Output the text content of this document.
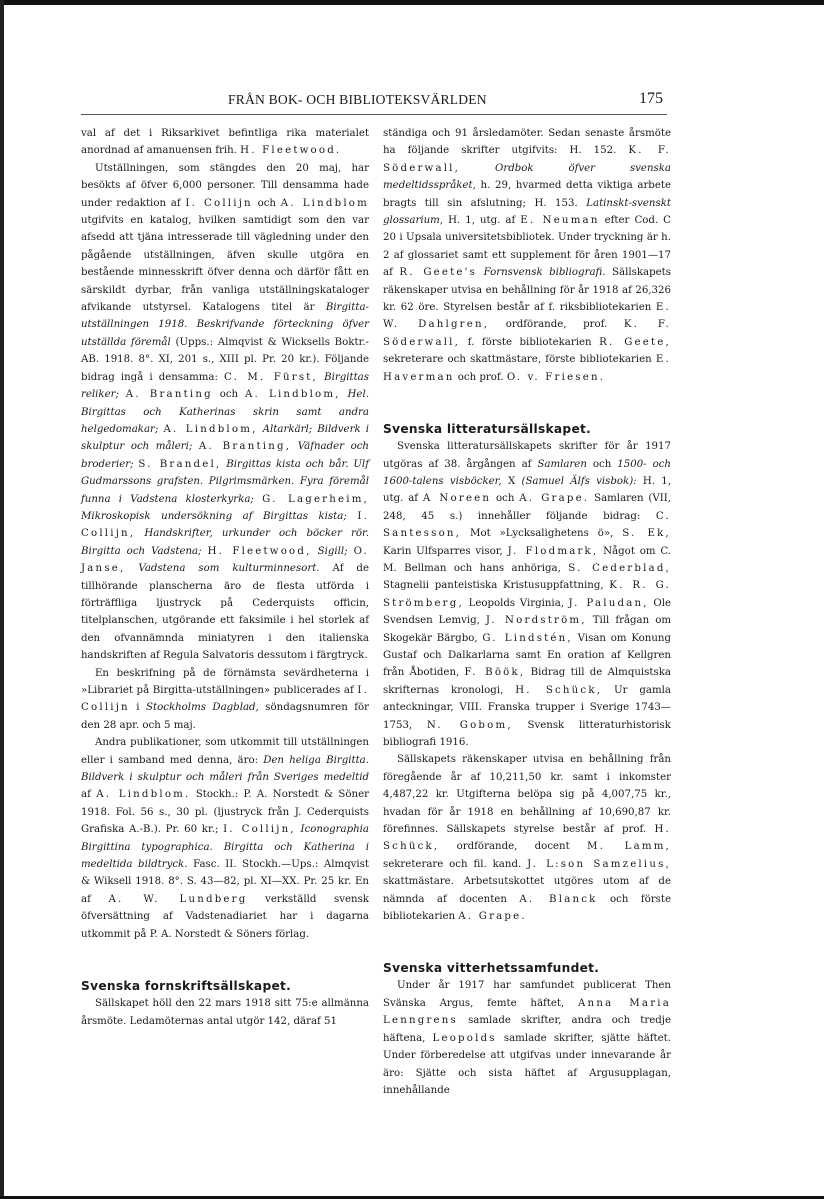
FRÅN BOK- OCH BIBLIOTEKSVÄRLDEN	175

val af det i Riksarkivet befintliga rika materialet anordnad af amanuensen frih. H. Fleetwood.

Utställningen, som stängdes den 20 maj, har besökts af öfver 6,000 personer. Till densamma hade under redaktion af I. Collijn och A. Lindblom utgifvits en katalog, hvilken samtidigt som den var afsedd att tjäna intresserade till vägledning under den pågående utställningen, äfven skulle utgöra en bestående minnesskrift öfver denna och därför fått en särskildt dyrbar, från vanliga utställningskataloger afvikande utstyrsel. Katalogens titel är Birgitta-utställningen 1918. Beskrifvande förteckning öfver utställda föremål (Upps.: Almqvist & Wicksells Boktr.-AB. 1918. 8°. XI, 201 s., XIII pl. Pr. 20 kr.). Följande bidrag ingå i densamma: C. M. Fürst, Birgittas reliker; A. Branting och A. Lindblom, Hel. Birgittas och Katherinas skrin samt andra helgedomakar; A. Lindblom, Altarkärl; Bildverk i skulptur och måleri; A. Branting, Väfnader och broderier; S. Brandel, Birgittas kista och bår. Ulf Gudmarssons grafsten. Pilgrimsmärken. Fyra föremål funna i Vadstena klosterkyrka; G. Lagerheim, Mikroskopisk undersökning af Birgittas kista; I. Collijn, Handskrifter, urkunder och böcker rör. Birgitta och Vadstena; H. Fleetwood, Sigill; O. Janse, Vadstena som kulturminnesort. Af de tillhörande planscherna äro de flesta utförda i förträffliga ljustryck på Cederquists officin, titelplanschen, utgörande ett faksimile i hel storlek af den ofvannämnda miniatyren i den italienska handskriften af Regula Salvatoris dessutom i färgtryck.

En beskrifning på de förnämsta sevärdheterna i »Librariet på Birgitta-utställningen» publicerades af I. Collijn i Stockholms Dagblad, söndagsnumren för den 28 apr. och 5 maj.

Andra publikationer, som utkommit till utställningen eller i samband med denna, äro: Den heliga Birgitta. Bildverk i skulptur och måleri från Sveriges medeltid af A. Lindblom. Stockh.: P. A. Norstedt & Söner 1918. Fol. 56 s., 30 pl. (ljustryck från J. Cederquists Grafiska A.-B.). Pr. 60 kr.; I. Collijn, Iconographia Birgittina typographica. Birgitta och Katherina i medeltida bildtryck. Fasc. II. Stockh.—Ups.: Almqvist & Wiksell 1918. 8°. S. 43—82, pl. XI—XX. Pr. 25 kr. En af A. W. Lundberg verkställd svensk öfversättning af Vadstenadiariet har i dagarna utkommit på P. A. Norstedt & Söners förlag.

Svenska fornskriftsällskapet.

Sällskapet höll den 22 mars 1918 sitt 75:e allmänna årsmöte. Ledamöternas antal utgör 142, däraf 51

ständiga och 91 årsledamöter. Sedan senaste årsmöte ha följande skrifter utgifvits: H. 152. K. F. Söderwall,	Ordbok öfver svenska medeltidsspråket, h. 29, hvarmed detta viktiga arbete bragts till sin afslutning; H. 153. Latinskt-svenskt glossarium, H. 1, utg. af E. Neuman efter Cod. C 20 i Upsala universitetsbibliotek. Under tryckning är h. 2 af glossariet samt ett supplement för åren 1901—17 af R. Geete's Fornsvensk bibliografi. Sällskapets räkenskaper utvisa en behållning för år 1918 af 26,326 kr. 62 öre. Styrelsen består af f. riksbibliotekarien E. W. Dahlgren, ordförande, prof. K. F. Söderwall, f. förste bibliotekarien R. Geete, sekreterare och skattmästare, förste bibliotekarien E. Haverman och prof. O. v. Friesen.

Svenska litteratursällskapet.

Svenska litteratursällskapets skrifter för år 1917 utgöras af 38. årgången af Samlaren och 1500- och 1600-talens visböcker, X (Samuel Älfs visbok): H. 1, utg. af A Noreen och A. Grape. Samlaren (VII, 248, 45 s.) innehåller följande bidrag: C. Santesson, Mot »Lycksalighetens ö», S. Ek, Karin Ulfsparres visor, J. Flodmark, Något om C. M. Bellman och hans anhöriga, S. Cederblad, Stagnelii panteistiska Kristusuppfattning, K. R. G. Strömberg, Leopolds Virginia, J. Paludan, Ole Svendsen Lemvig, J. Nordström, Till frågan om Skogekär Bärgbo, G. Lindstén, Visan om Konung Gustaf och Dalkarlarna samt En oration af Kellgren från Åbotiden, F. Böök, Bidrag till de Almquistska skrifternas kronologi, H. Schück, Ur gamla anteckningar, VIII. Franska trupper i Sverige 1743—1753, N. Gobom, Svensk litteraturhistorisk bibliografi 1916.

Sällskapets räkenskaper utvisa en behållning från föregående år af 10,211,50 kr. samt i inkomster 4,487,22 kr. Utgifterna belöpa sig på 4,007,75 kr., hvadan för år 1918 en behållning af 10,690,87 kr. förefinnes. Sällskapets styrelse består af prof. H. Schück, ordförande, docent M. Lamm, sekreterare och fil. kand. J. L:son Samzelius, skattmästare. Arbetsutskottet utgöres utom af de nämnda af docenten A. Blanck och förste bibliotekarien A. Grape.

Svenska vitterhetssamfundet.

Under år 1917 har samfundet publicerat Then Svänska Argus, femte häftet, Anna Maria Lenngrens samlade skrifter, andra och tredje häftena, Leopolds samlade skrifter, sjätte häftet. Under förberedelse att utgifvas under innevarande år äro: Sjätte och sista häftet af Argusupplagan, innehållande
